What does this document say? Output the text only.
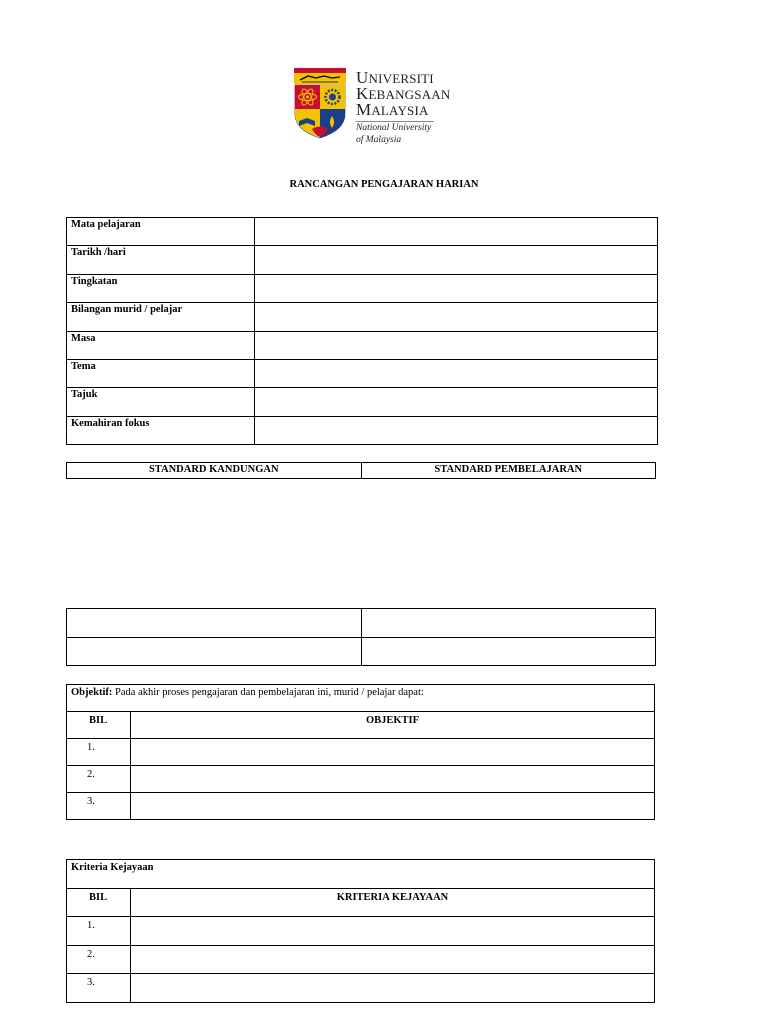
UNIVERSITI
KEBANGSAAN
MALAYSIA
National University
of Malaysia
RANCANGAN PENGAJARAN HARIAN
Mata pelajaran	
Tarikh /hari	
Tingkatan	
Bilangan murid / pelajar	
Masa	
Tema	
Tajuk	
Kemahiran fokus	
STANDARD KANDUNGAN	STANDARD PEMBELAJARAN

Objektif: Pada akhir proses pengajaran dan pembelajaran ini, murid / pelajar dapat:	
BIL	OBJEKTIF
1.	
2.	
3.	
Kriteria Kejayaan	
BIL	KRITERIA KEJAYAAN
1.	
2.	
3.	
